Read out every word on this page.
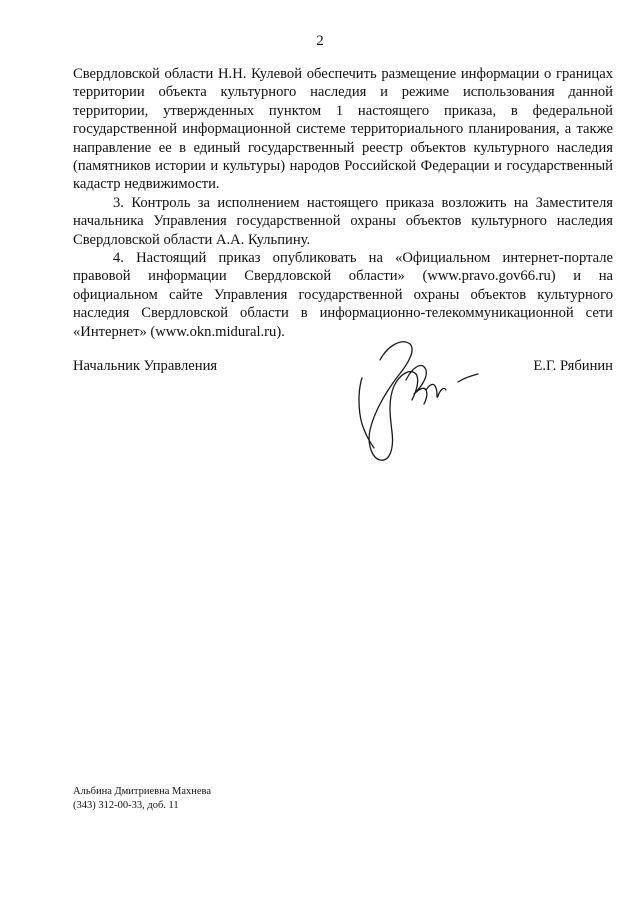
2

Свердловской области Н.Н. Кулевой обеспечить размещение информации о границах территории объекта культурного наследия и режиме использования данной территории, утвержденных пунктом 1 настоящего приказа, в федеральной государственной информационной системе территориального планирования, а также направление ее в единый государственный реестр объектов культурного наследия (памятников истории и культуры) народов Российской Федерации и государственный кадастр недвижимости.

3. Контроль за исполнением настоящего приказа возложить на Заместителя начальника Управления государственной охраны объектов культурного наследия Свердловской области А.А. Кульпину.

4. Настоящий приказ опубликовать на «Официальном интернет-портале правовой информации Свердловской области» (www.pravo.gov66.ru) и на официальном сайте Управления государственной охраны объектов культурного наследия Свердловской области в информационно-телекоммуникационной сети «Интернет» (www.okn.midural.ru).

Начальник Управления	Е.Г. Рябинин
Альбина Дмитриевна Махнева
(343) 312-00-33, доб. 11
